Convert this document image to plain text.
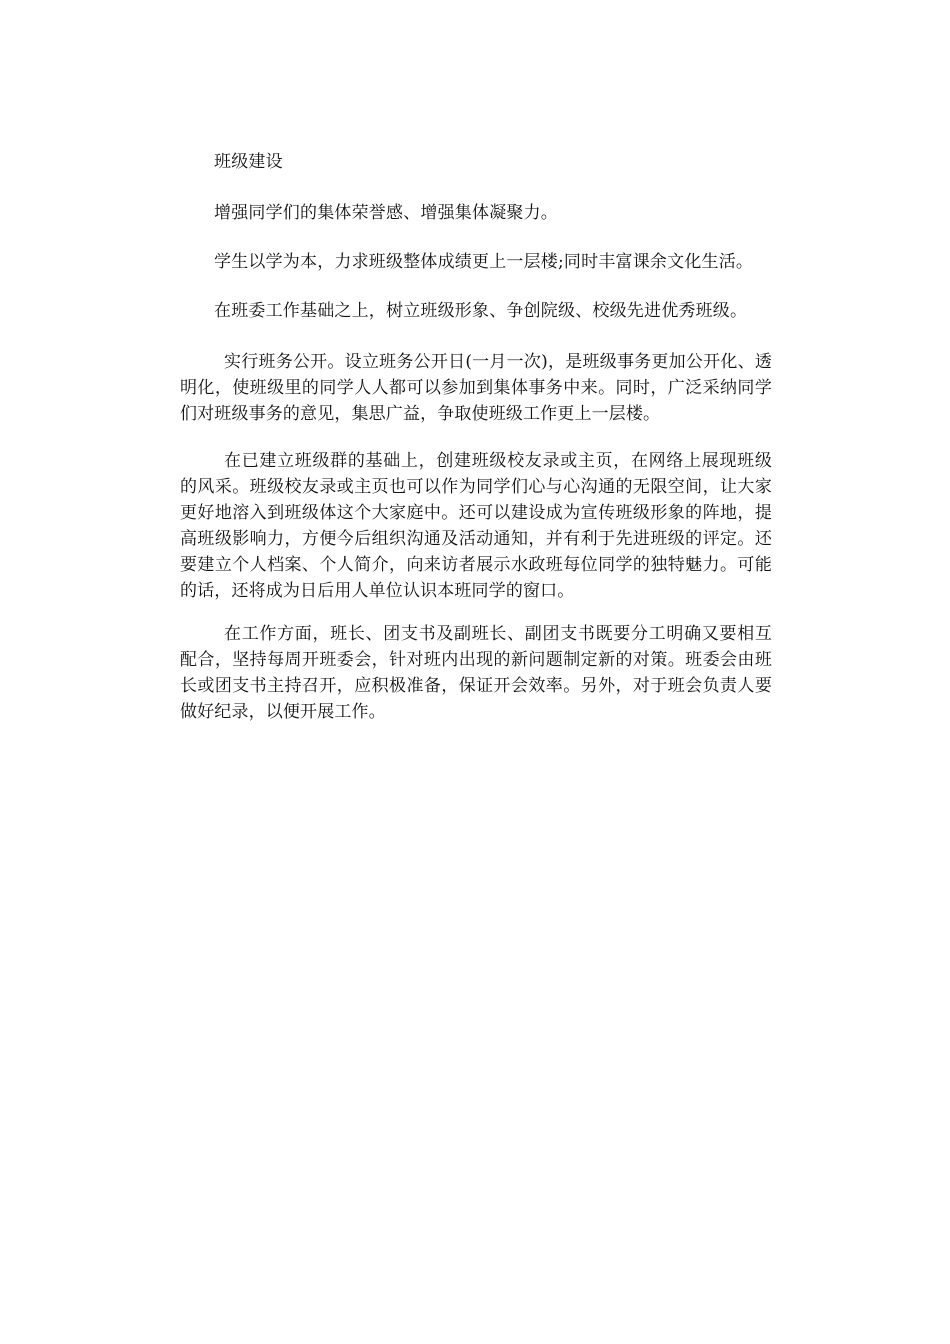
班级建设
增强同学们的集体荣誉感、增强集体凝聚力。
学生以学为本，力求班级整体成绩更上一层楼;同时丰富课余文化生活。
在班委工作基础之上，树立班级形象、争创院级、校级先进优秀班级。
实行班务公开。设立班务公开日(一月一次)，是班级事务更加公开化、透明化，使班级里的同学人人都可以参加到集体事务中来。同时，广泛采纳同学们对班级事务的意见，集思广益，争取使班级工作更上一层楼。
在已建立班级群的基础上，创建班级校友录或主页，在网络上展现班级的风采。班级校友录或主页也可以作为同学们心与心沟通的无限空间，让大家更好地溶入到班级体这个大家庭中。还可以建设成为宣传班级形象的阵地，提高班级影响力，方便今后组织沟通及活动通知，并有利于先进班级的评定。还要建立个人档案、个人简介，向来访者展示水政班每位同学的独特魅力。可能的话，还将成为日后用人单位认识本班同学的窗口。
在工作方面，班长、团支书及副班长、副团支书既要分工明确又要相互配合，坚持每周开班委会，针对班内出现的新问题制定新的对策。班委会由班长或团支书主持召开，应积极准备，保证开会效率。另外，对于班会负责人要做好纪录，以便开展工作。
